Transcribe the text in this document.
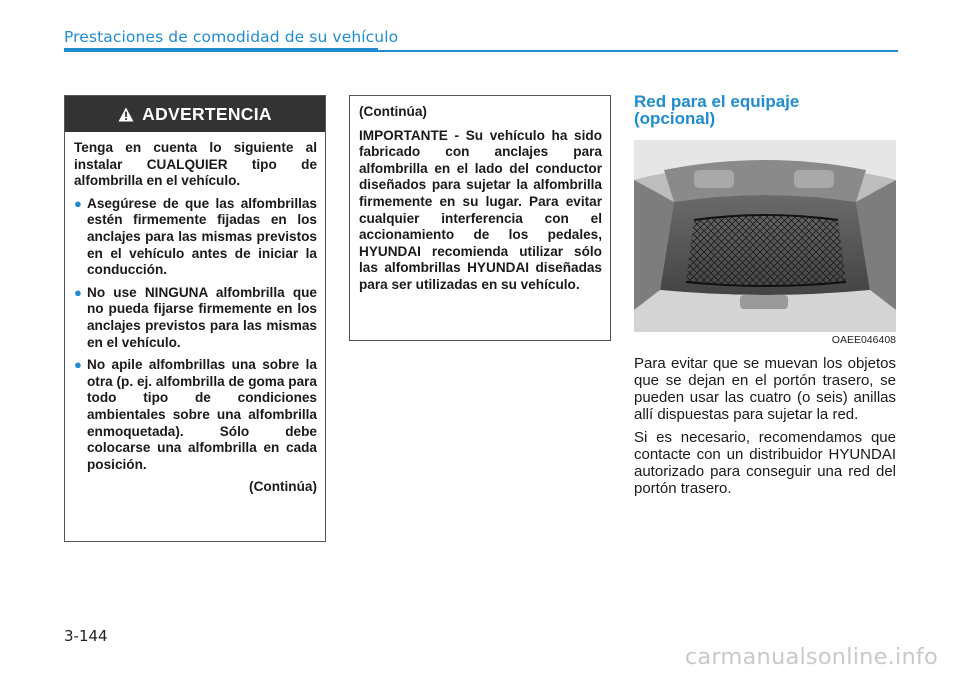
Prestaciones de comodidad de su vehículo
ADVERTENCIA

Tenga en cuenta lo siguiente al instalar CUALQUIER tipo de alfombrilla en el vehículo.

● Asegúrese de que las alfombrillas estén firmemente fijadas en los anclajes para las mismas previstos en el vehículo antes de iniciar la conducción.
● No use NINGUNA alfombrilla que no pueda fijarse firmemente en los anclajes previstos para las mismas en el vehículo.
● No apile alfombrillas una sobre la otra (p. ej. alfombrilla de goma para todo tipo de condiciones ambientales sobre una alfombrilla enmoquetada). Sólo debe colocarse una alfombrilla en cada posición.

(Continúa)

(Continúa)

IMPORTANTE - Su vehículo ha sido fabricado con anclajes para alfombrilla en el lado del conductor diseñados para sujetar la alfombrilla firmemente en su lugar. Para evitar cualquier interferencia con el accionamiento de los pedales, HYUNDAI recomienda utilizar sólo las alfombrillas HYUNDAI diseñadas para ser utilizadas en su vehículo.

Red para el equipaje
(opcional)
OAEE046408

Para evitar que se muevan los objetos que se dejan en el portón trasero, se pueden usar las cuatro (o seis) anillas allí dispuestas para sujetar la red.

Si es necesario, recomendamos que contacte con un distribuidor HYUNDAI autorizado para conseguir una red del portón trasero.

3-144
carmanualsonline.info
